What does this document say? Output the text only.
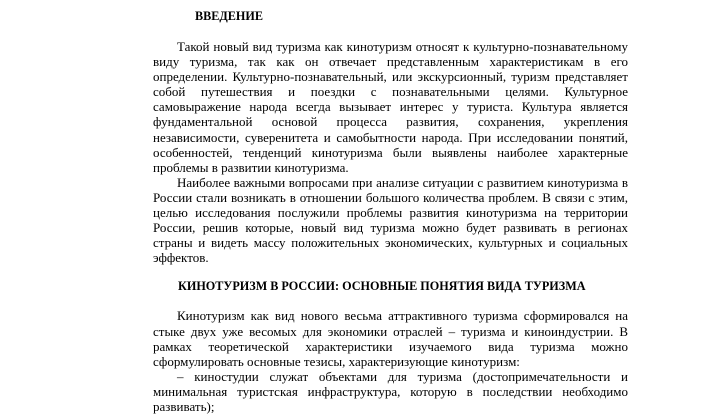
ВВЕДЕНИЕ

Такой новый вид туризма как кинотуризм относят к культурно-познавательному виду туризма, так как он отвечает представленным характеристикам в его определении. Культурно-познавательный, или экскурсионный, туризм представляет собой путешествия и поездки с познавательными целями. Культурное самовыражение народа всегда вызывает интерес у туриста. Культура является фундаментальной основой процесса развития, сохранения, укрепления независимости, суверенитета и самобытности народа. При исследовании понятий, особенностей, тенденций кинотуризма были выявлены наиболее характерные проблемы в развитии кинотуризма.

Наиболее важными вопросами при анализе ситуации с развитием кинотуризма в России стали возникать в отношении большого количества проблем. В связи с этим, целью исследования послужили проблемы развития кинотуризма на территории России, решив которые, новый вид туризма можно будет развивать в регионах страны и видеть массу положительных экономических, культурных и социальных эффектов.

КИНОТУРИЗМ В РОССИИ: ОСНОВНЫЕ ПОНЯТИЯ ВИДА ТУРИЗМА

Кинотуризм как вид нового весьма аттрактивного туризма сформировался на стыке двух уже весомых для экономики отраслей – туризма и киноиндустрии. В рамках теоретической характеристики изучаемого вида туризма можно сформулировать основные тезисы, характеризующие кинотуризм:

– киностудии служат объектами для туризма (достопримечательности и минимальная туристская инфраструктура, которую в последствии необходимо развивать);
